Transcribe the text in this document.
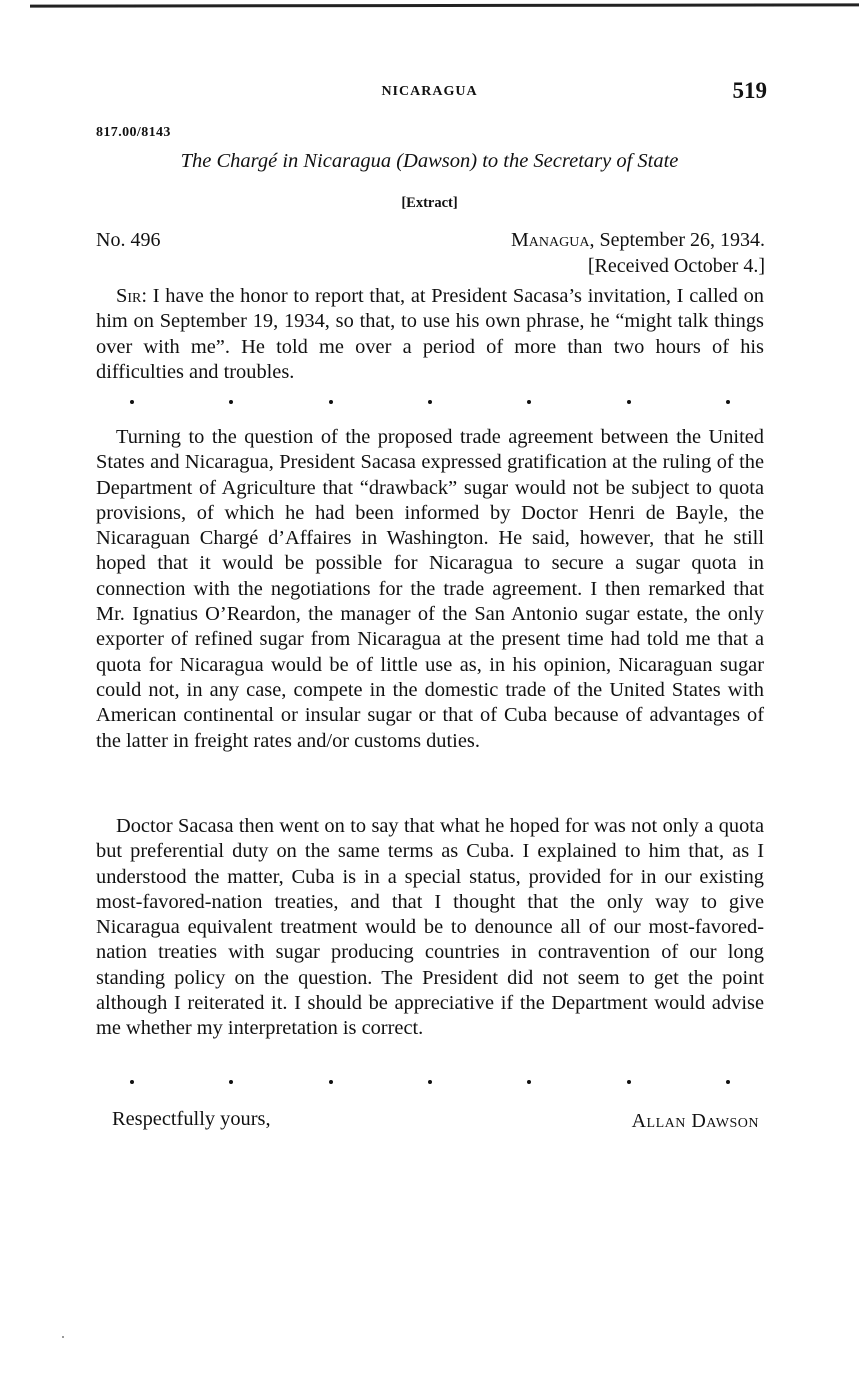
NICARAGUA	519
817.00/8143
The Chargé in Nicaragua (Dawson) to the Secretary of State
[Extract]
No. 496	Managua, September 26, 1934.
[Received October 4.]

Sir: I have the honor to report that, at President Sacasa’s invitation, I called on him on September 19, 1934, so that, to use his own phrase, he “might talk things over with me”. He told me over a period of more than two hours of his difficulties and troubles.

Turning to the question of the proposed trade agreement between the United States and Nicaragua, President Sacasa expressed gratification at the ruling of the Department of Agriculture that “drawback” sugar would not be subject to quota provisions, of which he had been informed by Doctor Henri de Bayle, the Nicaraguan Chargé d’Affaires in Washington. He said, however, that he still hoped that it would be possible for Nicaragua to secure a sugar quota in connection with the negotiations for the trade agreement. I then remarked that Mr. Ignatius O’Reardon, the manager of the San Antonio sugar estate, the only exporter of refined sugar from Nicaragua at the present time had told me that a quota for Nicaragua would be of little use as, in his opinion, Nicaraguan sugar could not, in any case, compete in the domestic trade of the United States with American continental or insular sugar or that of Cuba because of advantages of the latter in freight rates and/or customs duties.

Doctor Sacasa then went on to say that what he hoped for was not only a quota but preferential duty on the same terms as Cuba. I explained to him that, as I understood the matter, Cuba is in a special status, provided for in our existing most-favored-nation treaties, and that I thought that the only way to give Nicaragua equivalent treatment would be to denounce all of our most-favored-nation treaties with sugar producing countries in contravention of our long standing policy on the question. The President did not seem to get the point although I reiterated it. I should be appreciative if the Department would advise me whether my interpretation is correct.

Respectfully yours,	Allan Dawson
